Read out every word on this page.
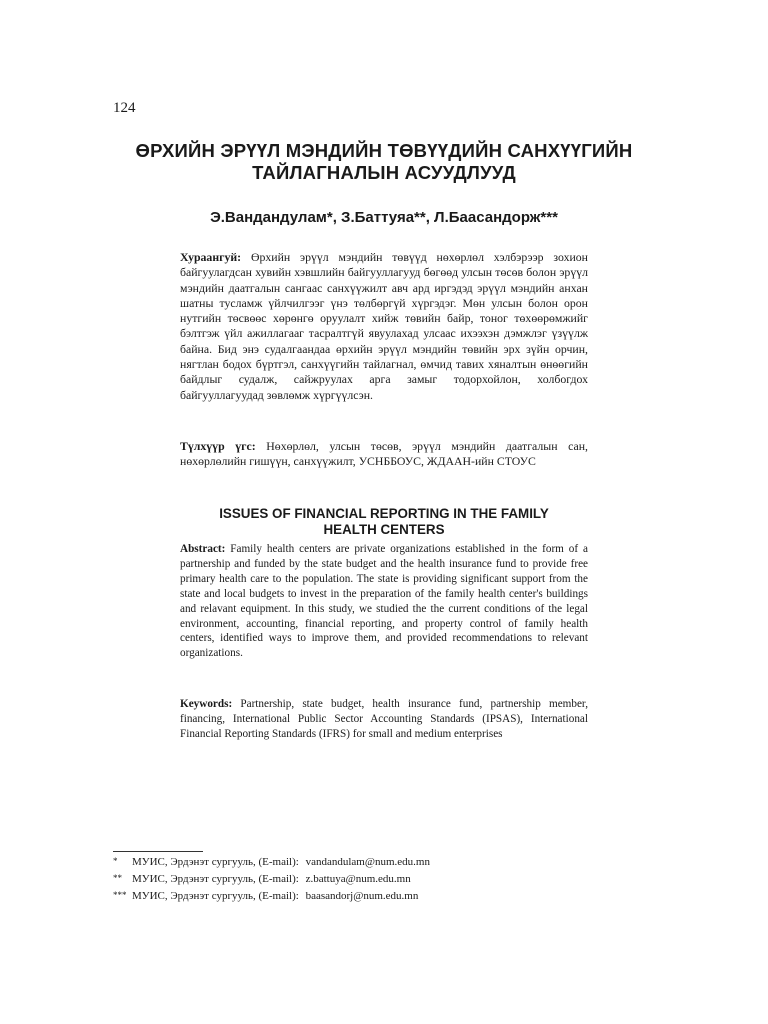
124
ӨРХИЙН ЭРҮҮЛ МЭНДИЙН ТӨВҮҮДИЙН САНХҮҮГИЙН
ТАЙЛАГНАЛЫН АСУУДЛУУД
Э.Вандандулам*, З.Баттуяа**, Л.Баасандорж***
Хураангуй: Өрхийн эрүүл мэндийн төвүүд нөхөрлөл хэлбэрээр зохион байгуулагдсан хувийн хэвшлийн байгууллагууд бөгөөд улсын төсөв болон эрүүл мэндийн даатгалын сангаас санхүүжилт авч ард иргэдэд эрүүл мэндийн анхан шатны тусламж үйлчилгээг үнэ төлбөргүй хүргэдэг. Мөн улсын болон орон нутгийн төсвөөс хөрөнгө оруулалт хийж төвийн байр, тоног төхөөрөмжийг бэлтгэж үйл ажиллагааг тасралтгүй явуулахад улсаас ихээхэн дэмжлэг үзүүлж байна. Бид энэ судалгаандаа өрхийн эрүүл мэндийн төвийн эрх зүйн орчин, нягтлан бодох бүртгэл, санхүүгийн тайлагнал, өмчид тавих хяналтын өнөөгийн байдлыг судалж, сайжруулах арга замыг тодорхойлон, холбогдох байгууллагуудад зөвлөмж хүргүүлсэн.
Түлхүүр үгс: Нөхөрлөл, улсын төсөв, эрүүл мэндийн даатгалын сан, нөхөрлөлийн гишүүн, санхүүжилт, УСНББОУС, ЖДААН-ийн СТОУС
ISSUES OF FINANCIAL REPORTING IN THE FAMILY
HEALTH CENTERS
Abstract: Family health centers are private organizations established in the form of a partnership and funded by the state budget and the health insurance fund to provide free primary health care to the population. The state is providing significant support from the state and local budgets to invest in the preparation of the family health center's buildings and relavant equipment. In this study, we studied the the current conditions of the legal environment, accounting, financial reporting, and property control of family health centers, identified ways to improve them, and provided recommendations to relevant organizations.
Keywords: Partnership, state budget, health insurance fund, partnership member, financing, International Public Sector Accounting Standards (IPSAS), International Financial Reporting Standards (IFRS) for small and medium enterprises
*	МУИС, Эрдэнэт сургууль, (E-mail): vandandulam@num.edu.mn
** МУИС, Эрдэнэт сургууль, (E-mail): z.battuya@num.edu.mn
*** МУИС, Эрдэнэт сургууль, (E-mail): baasandorj@num.edu.mn
